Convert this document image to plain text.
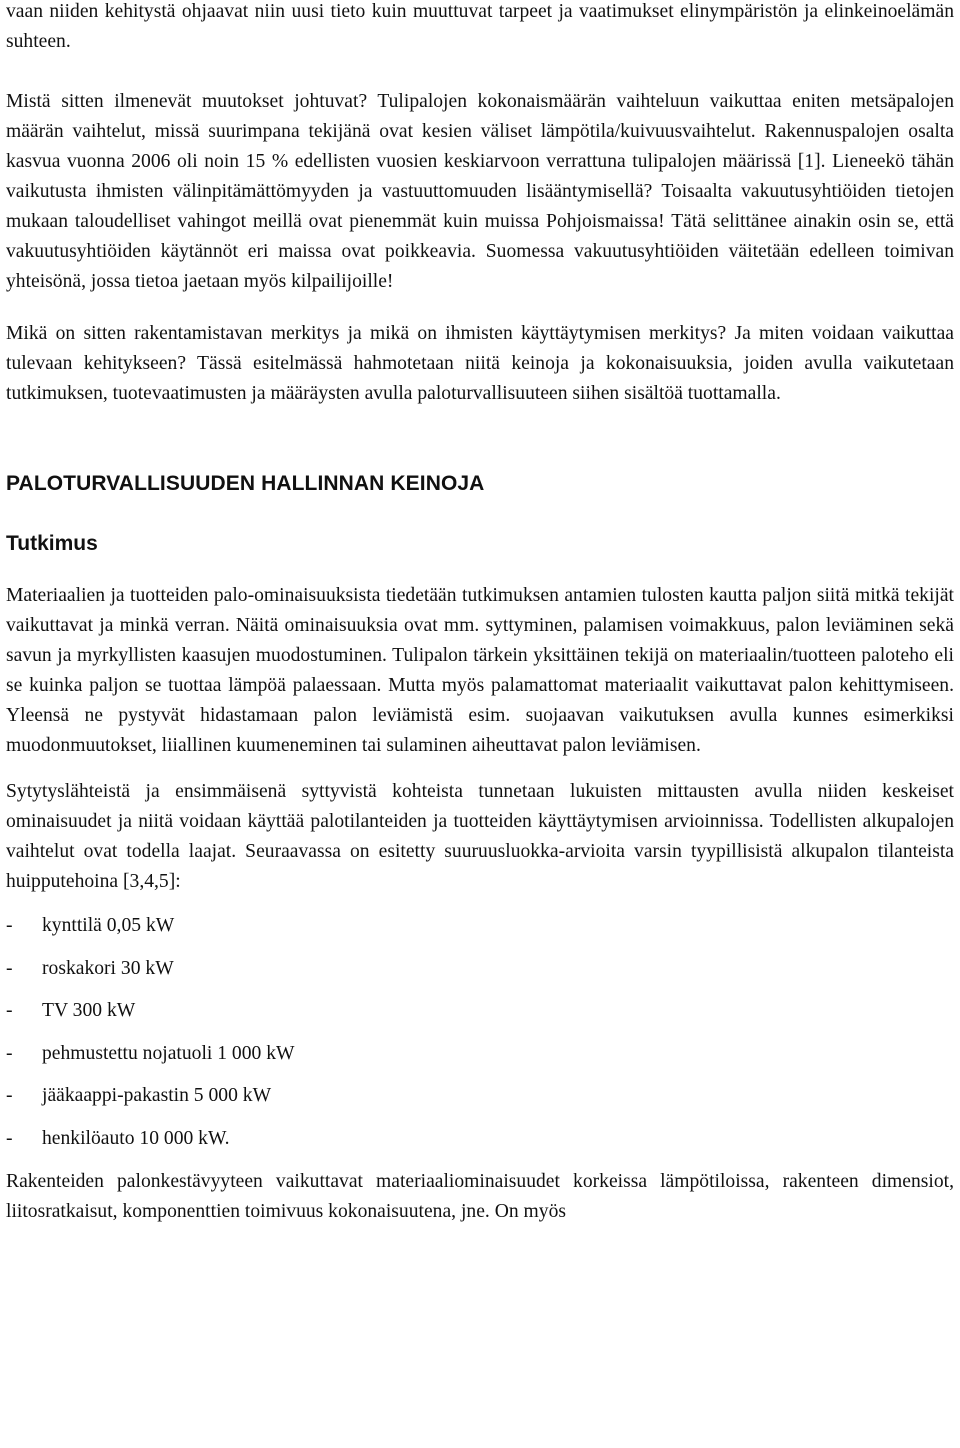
vaan niiden kehitystä ohjaavat niin uusi tieto kuin muuttuvat tarpeet ja vaatimukset elinympäristön ja elinkeinoelämän suhteen.

Mistä sitten ilmenevät muutokset johtuvat? Tulipalojen kokonaismäärän vaihteluun vaikuttaa eniten metsäpalojen määrän vaihtelut, missä suurimpana tekijänä ovat kesien väliset lämpötila/kuivuusvaihtelut. Rakennuspalojen osalta kasvua vuonna 2006 oli noin 15 % edellisten vuosien keskiarvoon verrattuna tulipalojen määrissä [1]. Lieneekö tähän vaikutusta ihmisten välinpitämättömyyden ja vastuuttomuuden lisääntymisellä? Toisaalta vakuutusyhtiöiden tietojen mukaan taloudelliset vahingot meillä ovat pienemmät kuin muissa Pohjoismaissa! Tätä selittänee ainakin osin se, että vakuutusyhtiöiden käytännöt eri maissa ovat poikkeavia. Suomessa vakuutusyhtiöiden väitetään edelleen toimivan yhteisönä, jossa tietoa jaetaan myös kilpailijoille!

Mikä on sitten rakentamistavan merkitys ja mikä on ihmisten käyttäytymisen merkitys? Ja miten voidaan vaikuttaa tulevaan kehitykseen? Tässä esitelmässä hahmotetaan niitä keinoja ja kokonaisuuksia, joiden avulla vaikutetaan tutkimuksen, tuotevaatimusten ja määräysten avulla paloturvallisuuteen siihen sisältöä tuottamalla.

PALOTURVALLISUUDEN HALLINNAN KEINOJA
Tutkimus

Materiaalien ja tuotteiden palo-ominaisuuksista tiedetään tutkimuksen antamien tulosten kautta paljon siitä mitkä tekijät vaikuttavat ja minkä verran. Näitä ominaisuuksia ovat mm. syttyminen, palamisen voimakkuus, palon leviäminen sekä savun ja myrkyllisten kaasujen muodostuminen. Tulipalon tärkein yksittäinen tekijä on materiaalin/tuotteen paloteho eli se kuinka paljon se tuottaa lämpöä palaessaan. Mutta myös palamattomat materiaalit vaikuttavat palon kehittymiseen. Yleensä ne pystyvät hidastamaan palon leviämistä esim. suojaavan vaikutuksen avulla kunnes esimerkiksi muodonmuutokset, liiallinen kuumeneminen tai sulaminen aiheuttavat palon leviämisen.

Sytytyslähteistä ja ensimmäisenä syttyvistä kohteista tunnetaan lukuisten mittausten avulla niiden keskeiset ominaisuudet ja niitä voidaan käyttää palotilanteiden ja tuotteiden käyttäytymisen arvioinnissa. Todellisten alkupalojen vaihtelut ovat todella laajat. Seuraavassa on esitetty suuruusluokka-arvioita varsin tyypillisistä alkupalon tilanteista huipputehoina [3,4,5]:

-	kynttilä 0,05 kW
-	roskakori 30 kW
-	TV 300 kW
-	pehmustettu nojatuoli 1 000 kW
-	jääkaappi-pakastin 5 000 kW
-	henkilöauto 10 000 kW.

Rakenteiden palonkestävyyteen vaikuttavat materiaaliominaisuudet korkeissa lämpötiloissa, rakenteen dimensiot, liitosratkaisut, komponenttien toimivuus kokonaisuutena, jne. On myös
